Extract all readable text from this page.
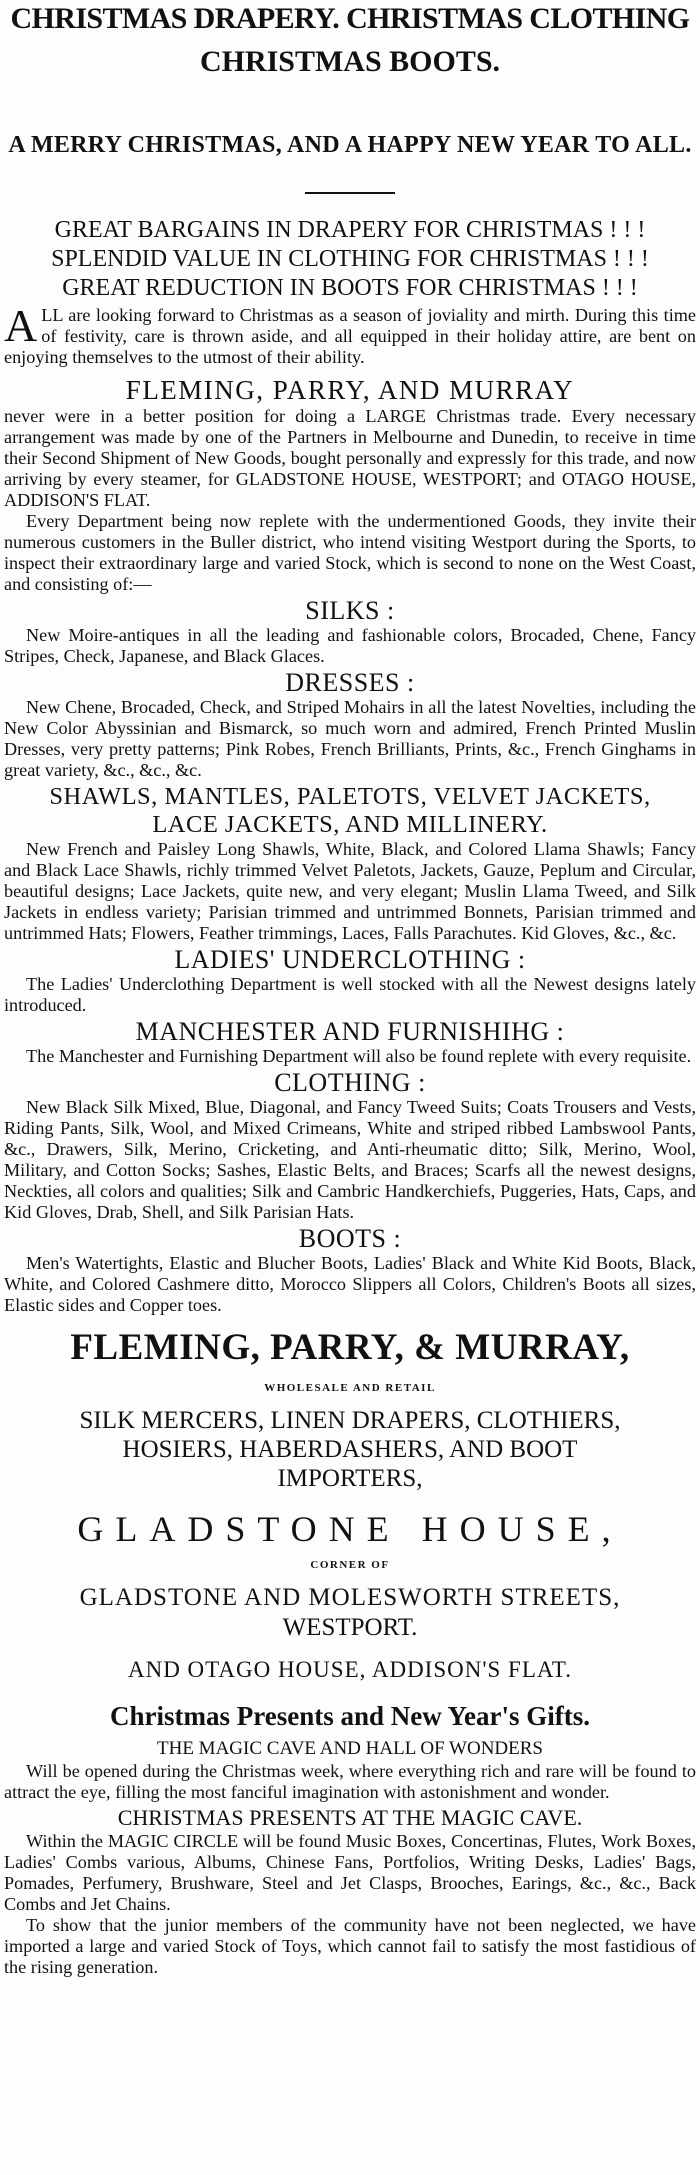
CHRISTMAS DRAPERY. CHRISTMAS CLOTHING
CHRISTMAS BOOTS.
A MERRY CHRISTMAS, AND A HAPPY NEW YEAR TO ALL.
GREAT BARGAINS IN DRAPERY FOR CHRISTMAS ! ! !
SPLENDID VALUE IN CLOTHING FOR CHRISTMAS ! ! !
GREAT REDUCTION IN BOOTS FOR CHRISTMAS ! ! !

ALL are looking forward to Christmas as a season of joviality and mirth. During this time of festivity, care is thrown aside, and all equipped in their holiday attire, are bent on enjoying themselves to the utmost of their ability.

FLEMING, PARRY, AND MURRAY

never were in a better position for doing a LARGE Christmas trade. Every necessary arrangement was made by one of the Partners in Melbourne and Dunedin, to receive in time their Second Shipment of New Goods, bought personally and expressly for this trade, and now arriving by every steamer, for GLADSTONE HOUSE, WESTPORT; and OTAGO HOUSE, ADDISON'S FLAT.

Every Department being now replete with the undermentioned Goods, they invite their numerous customers in the Buller district, who intend visiting Westport during the Sports, to inspect their extraordinary large and varied Stock, which is second to none on the West Coast, and consisting of:—

SILKS :

New Moire-antiques in all the leading and fashionable colors, Brocaded, Chene, Fancy Stripes, Check, Japanese, and Black Glaces.

DRESSES :

New Chene, Brocaded, Check, and Striped Mohairs in all the latest Novelties, including the New Color Abyssinian and Bismarck, so much worn and admired, French Printed Muslin Dresses, very pretty patterns; Pink Robes, French Brilliants, Prints, &c., French Ginghams in great variety, &c., &c., &c.

SHAWLS, MANTLES, PALETOTS, VELVET JACKETS,
LACE JACKETS, AND MILLINERY.

New French and Paisley Long Shawls, White, Black, and Colored Llama Shawls; Fancy and Black Lace Shawls, richly trimmed Velvet Paletots, Jackets, Gauze, Peplum and Circular, beautiful designs; Lace Jackets, quite new, and very elegant; Muslin Llama Tweed, and Silk Jackets in endless variety; Parisian trimmed and untrimmed Bonnets, Parisian trimmed and untrimmed Hats; Flowers, Feather trimmings, Laces, Falls Parachutes. Kid Gloves, &c., &c.

LADIES' UNDERCLOTHING :

The Ladies' Underclothing Department is well stocked with all the Newest designs lately introduced.

MANCHESTER AND FURNISHIHG :

The Manchester and Furnishing Department will also be found replete with every requisite.

CLOTHING :

New Black Silk Mixed, Blue, Diagonal, and Fancy Tweed Suits; Coats Trousers and Vests, Riding Pants, Silk, Wool, and Mixed Crimeans, White and striped ribbed Lambswool Pants, &c., Drawers, Silk, Merino, Cricketing, and Anti-rheumatic ditto; Silk, Merino, Wool, Military, and Cotton Socks; Sashes, Elastic Belts, and Braces; Scarfs all the newest designs, Neckties, all colors and qualities; Silk and Cambric Handkerchiefs, Puggeries, Hats, Caps, and Kid Gloves, Drab, Shell, and Silk Parisian Hats.

BOOTS :

Men's Watertights, Elastic and Blucher Boots, Ladies' Black and White Kid Boots, Black, White, and Colored Cashmere ditto, Morocco Slippers all Colors, Children's Boots all sizes, Elastic sides and Copper toes.

FLEMING, PARRY, & MURRAY,
WHOLESALE AND RETAIL
SILK MERCERS, LINEN DRAPERS, CLOTHIERS,
HOSIERS, HABERDASHERS, AND BOOT
IMPORTERS,
GLADSTONE HOUSE,
CORNER OF
GLADSTONE AND MOLESWORTH STREETS,
WESTPORT.
AND OTAGO HOUSE, ADDISON'S FLAT.
Christmas Presents and New Year's Gifts.
THE MAGIC CAVE AND HALL OF WONDERS

Will be opened during the Christmas week, where everything rich and rare will be found to attract the eye, filling the most fanciful imagination with astonishment and wonder.

CHRISTMAS PRESENTS AT THE MAGIC CAVE.

Within the MAGIC CIRCLE will be found Music Boxes, Concertinas, Flutes, Work Boxes, Ladies' Combs various, Albums, Chinese Fans, Portfolios, Writing Desks, Ladies' Bags, Pomades, Perfumery, Brushware, Steel and Jet Clasps, Brooches, Earings, &c., &c., Back Combs and Jet Chains.

To show that the junior members of the community have not been neglected, we have imported a large and varied Stock of Toys, which cannot fail to satisfy the most fastidious of the rising generation.
